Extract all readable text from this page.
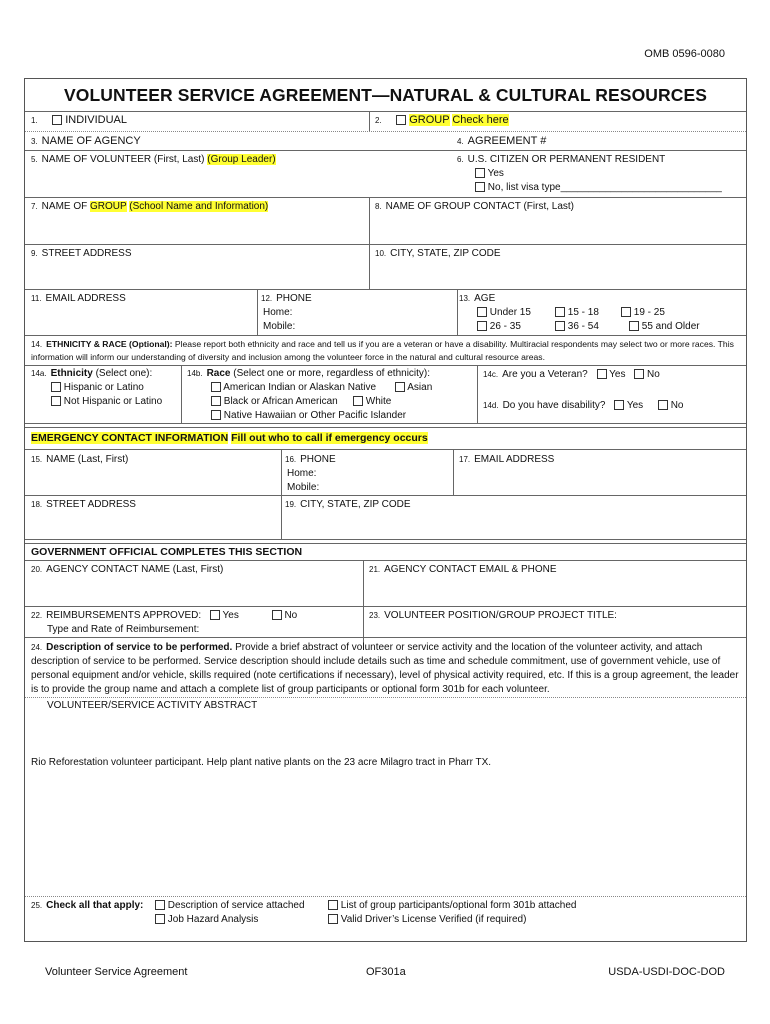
OMB 0596-0080
VOLUNTEER SERVICE AGREEMENT—NATURAL & CULTURAL RESOURCES
1.	INDIVIDUAL	2.	GROUP Check here
3. NAME OF AGENCY	4. AGREEMENT #
5. NAME OF VOLUNTEER (First, Last) (Group Leader)	6. U.S. CITIZEN OR PERMANENT RESIDENT
Yes
No, list visa type_____________________________
7. NAME OF GROUP (School Name and Information)	8. NAME OF GROUP CONTACT (First, Last)
9. STREET ADDRESS	10. CITY, STATE, ZIP CODE
11. EMAIL ADDRESS	12. PHONE
Home:
Mobile:
13. AGE
Under 15	15 - 18	19 - 25
26 - 35	36 - 54	55 and Older
14. ETHNICITY & RACE (Optional): Please report both ethnicity and race and tell us if you are a veteran or have a disability. Multiracial respondents may select two or more races. This information will inform our understanding of diversity and inclusion among the volunteer force in the natural and cultural resource areas.
14a. Ethnicity (Select one):
Hispanic or Latino
Not Hispanic or Latino
14b. Race (Select one or more, regardless of ethnicity):
American Indian or Alaskan Native	Asian
Black or African American	White
Native Hawaiian or Other Pacific Islander
14c. Are you a Veteran? Yes No
14d. Do you have disability? Yes	No
EMERGENCY CONTACT INFORMATION Fill out who to call if emergency occurs
15. NAME (Last, First)	16. PHONE
Home:
Mobile:
17. EMAIL ADDRESS
18. STREET ADDRESS	19. CITY, STATE, ZIP CODE
GOVERNMENT OFFICIAL COMPLETES THIS SECTION
20. AGENCY CONTACT NAME (Last, First)	21. AGENCY CONTACT EMAIL & PHONE
22. REIMBURSEMENTS APPROVED: Yes	No
Type and Rate of Reimbursement:
23. VOLUNTEER POSITION/GROUP PROJECT TITLE:
24. Description of service to be performed. Provide a brief abstract of volunteer or service activity and the location of the volunteer activity, and attach description of service to be performed. Service description should include details such as time and schedule commitment, use of government vehicle, use of personal equipment and/or vehicle, skills required (note certifications if necessary), level of physical activity required, etc. If this is a group agreement, the leader is to provide the group name and attach a complete list of group participants or optional form 301b for each volunteer.
VOLUNTEER/SERVICE ACTIVITY ABSTRACT
Rio Reforestation volunteer participant. Help plant native plants on the 23 acre Milagro tract in Pharr TX.
25. Check all that apply:	Description of service attached	List of group participants/optional form 301b attached
Job Hazard Analysis	Valid Driver’s License Verified (if required)
Volunteer Service Agreement	OF301a	USDA-USDI-DOC-DOD
